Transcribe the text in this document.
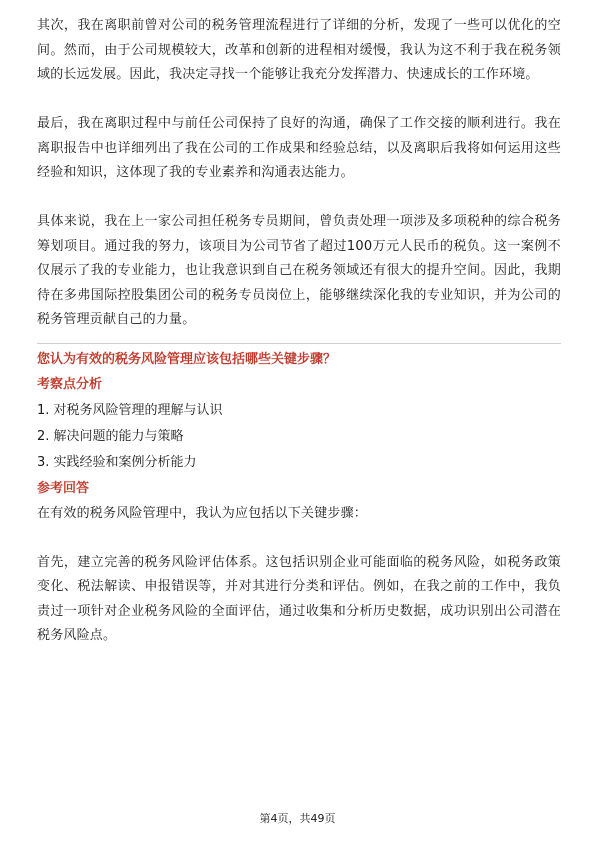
其次，我在离职前曾对公司的税务管理流程进行了详细的分析，发现了一些可以优化的空间。然而，由于公司规模较大，改革和创新的进程相对缓慢，我认为这不利于我在税务领域的长远发展。因此，我决定寻找一个能够让我充分发挥潜力、快速成长的工作环境。

最后，我在离职过程中与前任公司保持了良好的沟通，确保了工作交接的顺利进行。我在离职报告中也详细列出了我在公司的工作成果和经验总结，以及离职后我将如何运用这些经验和知识，这体现了我的专业素养和沟通表达能力。

具体来说，我在上一家公司担任税务专员期间，曾负责处理一项涉及多项税种的综合税务筹划项目。通过我的努力，该项目为公司节省了超过100万元人民币的税负。这一案例不仅展示了我的专业能力，也让我意识到自己在税务领域还有很大的提升空间。因此，我期待在多弗国际控股集团公司的税务专员岗位上，能够继续深化我的专业知识，并为公司的税务管理贡献自己的力量。

您认为有效的税务风险管理应该包括哪些关键步骤？

考察点分析

1. 对税务风险管理的理解与认识
2. 解决问题的能力与策略
3. 实践经验和案例分析能力

参考回答

在有效的税务风险管理中，我认为应包括以下关键步骤：

首先，建立完善的税务风险评估体系。这包括识别企业可能面临的税务风险，如税务政策变化、税法解读、申报错误等，并对其进行分类和评估。例如，在我之前的工作中，我负责过一项针对企业税务风险的全面评估，通过收集和分析历史数据，成功识别出公司潜在税务风险点。

第4页，共49页
